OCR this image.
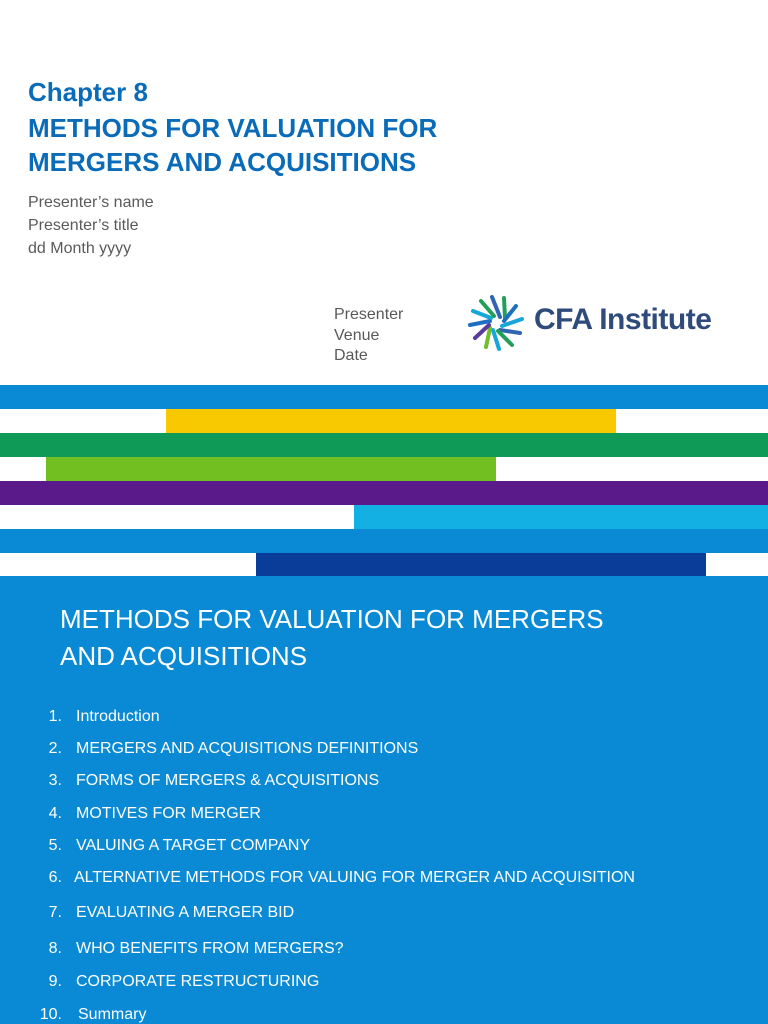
Chapter 8
METHODS FOR VALUATION FOR
MERGERS AND ACQUISITIONS
Presenter’s name
Presenter’s title
dd Month yyyy
Presenter
Venue
Date
CFA Institute
METHODS FOR VALUATION FOR MERGERS
AND ACQUISITIONS
1. Introduction
2. MERGERS AND ACQUISITIONS DEFINITIONS
3. FORMS OF MERGERS & ACQUISITIONS
4. MOTIVES FOR MERGER
5. VALUING A TARGET COMPANY
6. ALTERNATIVE METHODS FOR VALUING FOR MERGER AND ACQUISITION
7. EVALUATING A MERGER BID
8. WHO BENEFITS FROM MERGERS?
9. CORPORATE RESTRUCTURING
10. Summary
